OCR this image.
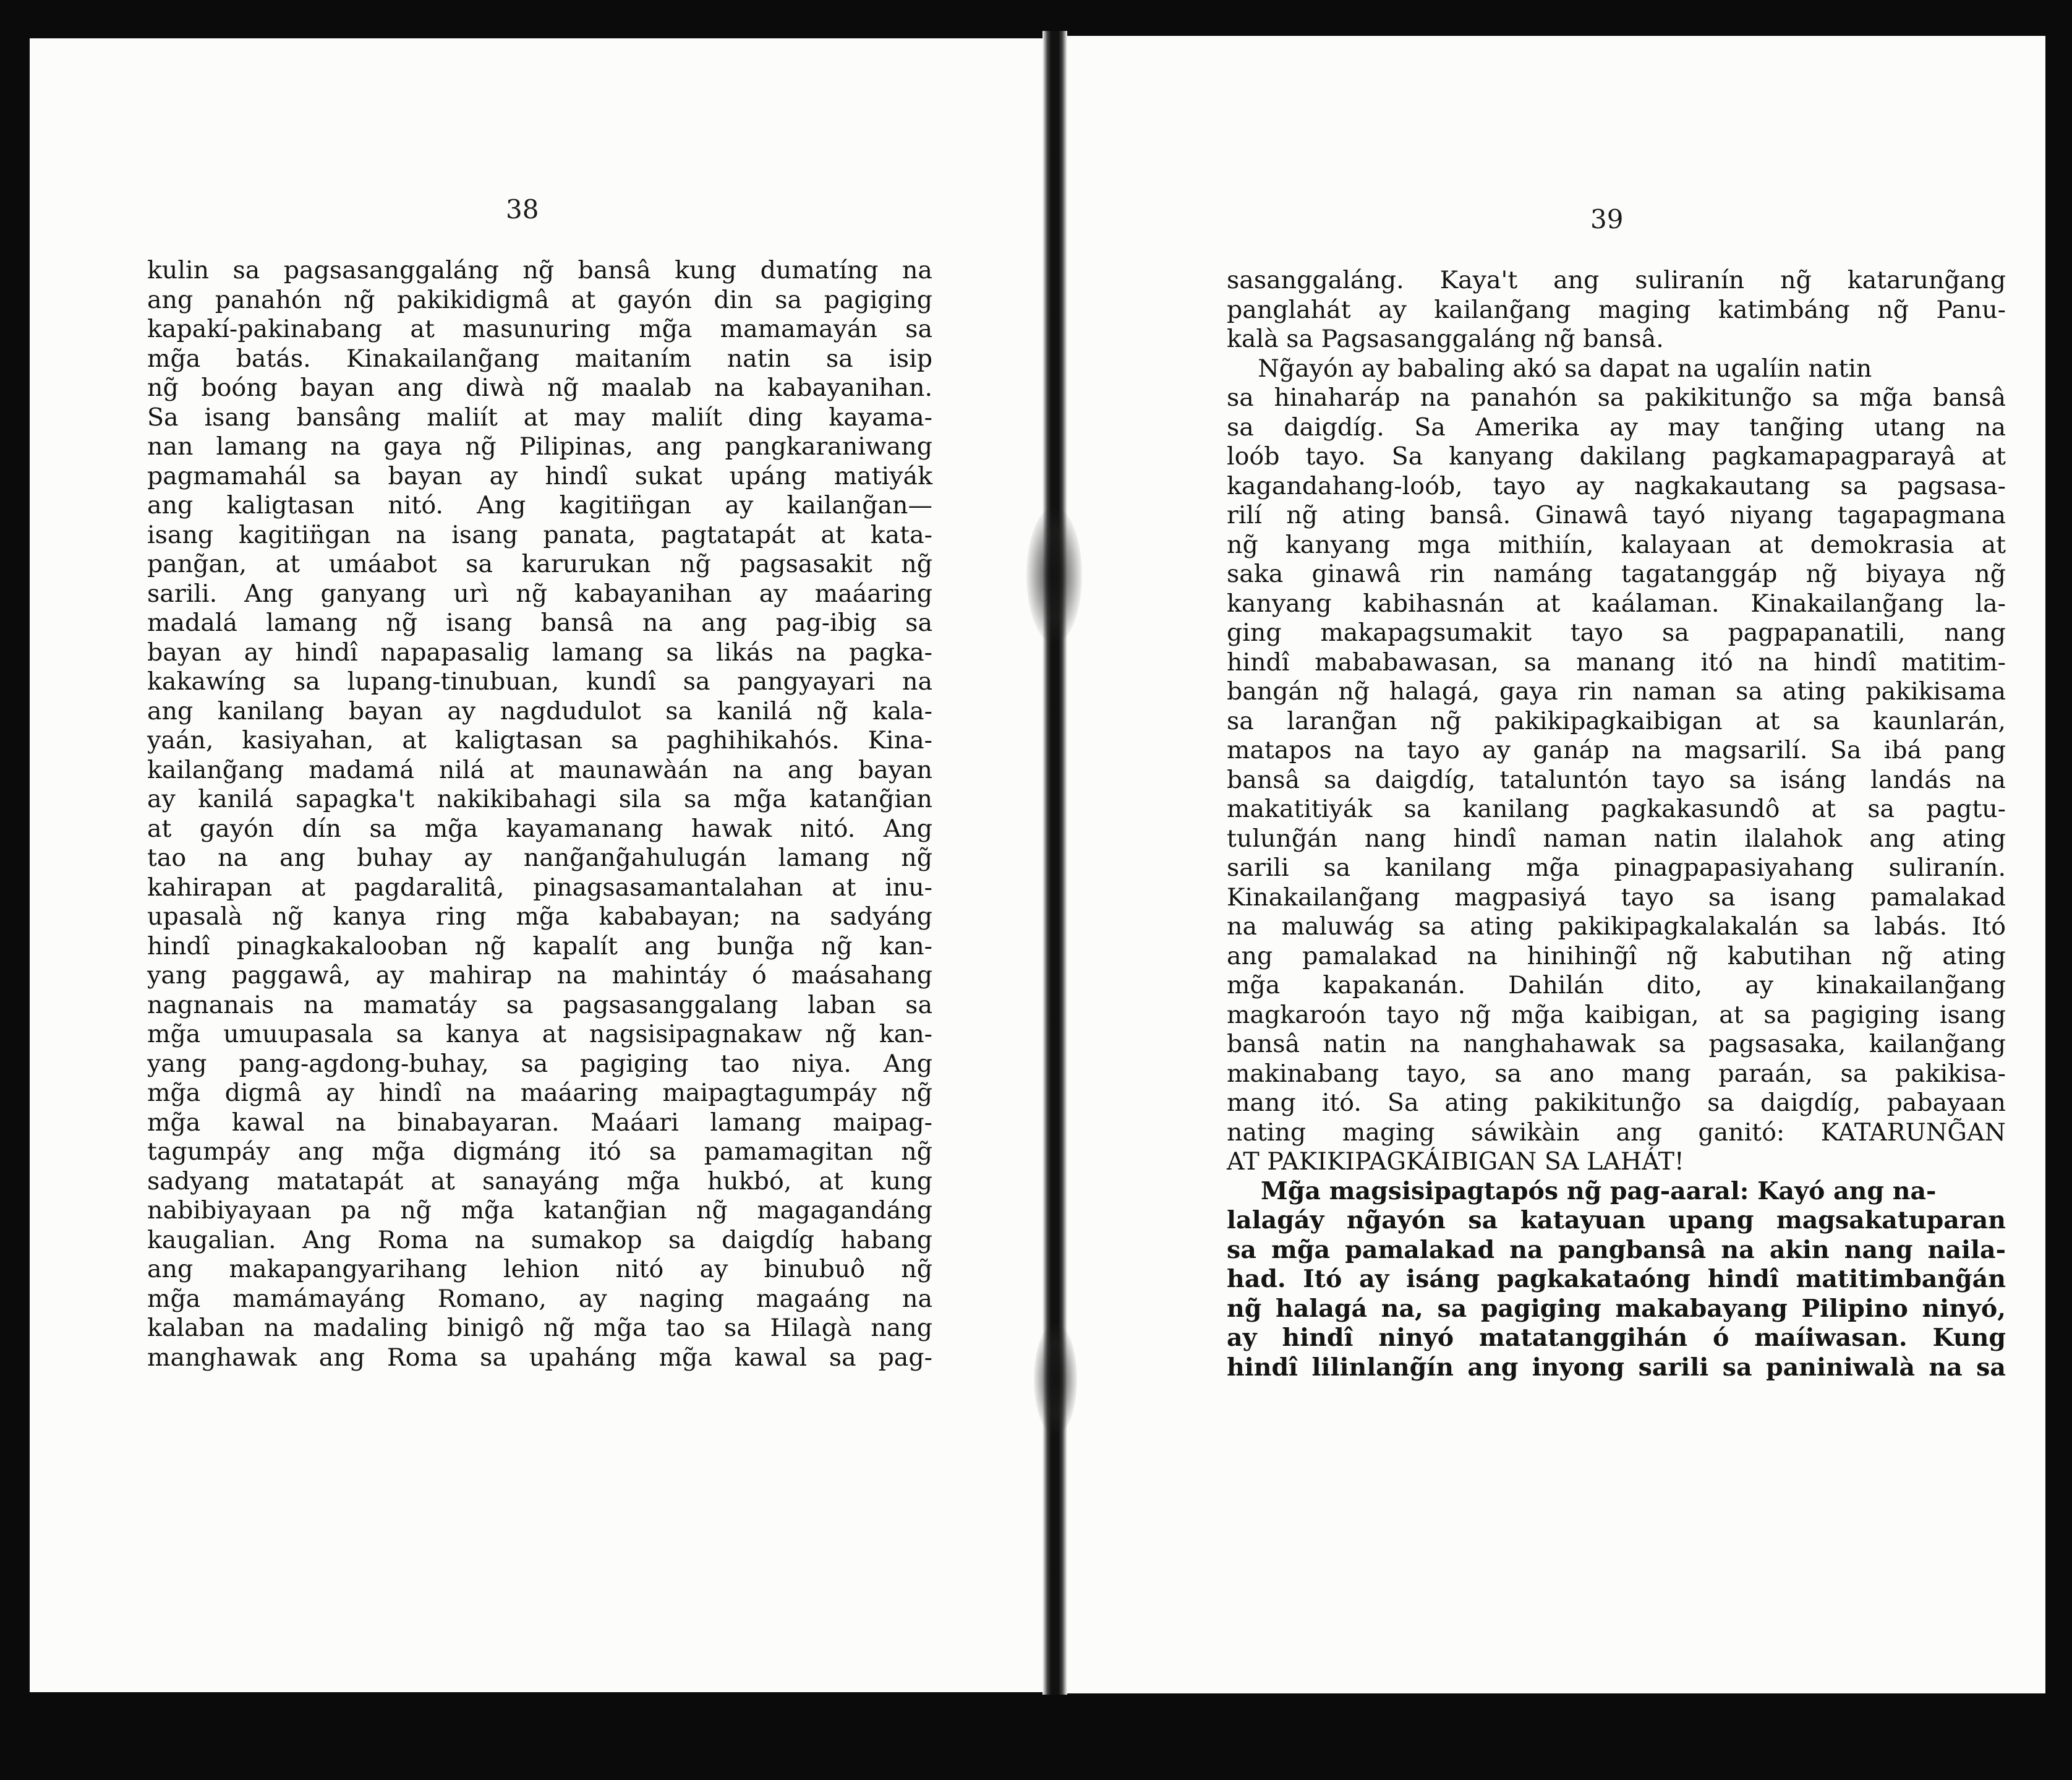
38
kulin sa pagsasanggaláng ng̃ bansâ kung dumatíng na
ang panahón ng̃ pakikidigmâ at gayón din sa pagiging
kapakí-pakinabang at masunuring mg̃a mamamayán sa
mg̃a batás. Kinakailang̃ang maitaním natin sa isip
ng̃ boóng bayan ang diwà ng̃ maalab na kabayanihan.
Sa isang bansâng maliít at may maliít ding kayama-
nan lamang na gaya ng̃ Pilipinas, ang pangkaraniwang
pagmamahál sa bayan ay hindî sukat upáng matiyák
ang kaligtasan nitó. Ang kagitin̈gan ay kailang̃an—
isang kagitin̈gan na isang panata, pagtatapát at kata-
pang̃an, at umáabot sa karurukan ng̃ pagsasakit ng̃
sarili. Ang ganyang urì ng̃ kabayanihan ay maáaring
madalá lamang ng̃ isang bansâ na ang pag-ibig sa
bayan ay hindî napapasalig lamang sa likás na pagka-
kakawíng sa lupang-tinubuan, kundî sa pangyayari na
ang kanilang bayan ay nagdudulot sa kanilá ng̃ kala-
yaán, kasiyahan, at kaligtasan sa paghihikahós. Kina-
kailang̃ang madamá nilá at maunawàán na ang bayan
ay kanilá sapagka't nakikibahagi sila sa mg̃a katang̃ian
at gayón dín sa mg̃a kayamanang hawak nitó. Ang
tao na ang buhay ay nang̃ang̃ahulugán lamang ng̃
kahirapan at pagdaralitâ, pinagsasamantalahan at inu-
upasalà ng̃ kanya ring mg̃a kababayan; na sadyáng
hindî pinagkakalooban ng̃ kapalít ang bung̃a ng̃ kan-
yang paggawâ, ay mahirap na mahintáy ó maásahang
nagnanais na mamatáy sa pagsasanggalang laban sa
mg̃a umuupasala sa kanya at nagsisipagnakaw ng̃ kan-
yang pang-agdong-buhay, sa pagiging tao niya. Ang
mg̃a digmâ ay hindî na maáaring maipagtagumpáy ng̃
mg̃a kawal na binabayaran. Maáari lamang maipag-
tagumpáy ang mg̃a digmáng itó sa pamamagitan ng̃
sadyang matatapát at sanayáng mg̃a hukbó, at kung
nabibiyayaan pa ng̃ mg̃a katang̃ian ng̃ magagandáng
kaugalian. Ang Roma na sumakop sa daigdíg habang
ang makapangyarihang lehion nitó ay binubuô ng̃
mg̃a mamámayáng Romano, ay naging magaáng na
kalaban na madaling binigô ng̃ mg̃a tao sa Hilagà nang
manghawak ang Roma sa upaháng mg̃a kawal sa pag-
39
sasanggaláng. Kaya't ang suliranín ng̃ katarung̃ang
panglahát ay kailang̃ang maging katimbáng ng̃ Panu-
kalà sa Pagsasanggaláng ng̃ bansâ.
Ng̃ayón ay babaling akó sa dapat na ugalíin natin
sa hinaharáp na panahón sa pakikitung̃o sa mg̃a bansâ
sa daigdíg. Sa Amerika ay may tang̃ing utang na
loób tayo. Sa kanyang dakilang pagkamapagparayâ at
kagandahang-loób, tayo ay nagkakautang sa pagsasa-
rilí ng̃ ating bansâ. Ginawâ tayó niyang tagapagmana
ng̃ kanyang mga mithiín, kalayaan at demokrasia at
saka ginawâ rin namáng tagatanggáp ng̃ biyaya ng̃
kanyang kabihasnán at kaálaman. Kinakailang̃ang la-
ging makapagsumakit tayo sa pagpapanatili, nang
hindî mababawasan, sa manang itó na hindî matitim-
bangán ng̃ halagá, gaya rin naman sa ating pakikisama
sa larang̃an ng̃ pakikipagkaibigan at sa kaunlarán,
matapos na tayo ay ganáp na magsarilí. Sa ibá pang
bansâ sa daigdíg, tataluntón tayo sa isáng landás na
makatitiyák sa kanilang pagkakasundô at sa pagtu-
tulung̃án nang hindî naman natin ilalahok ang ating
sarili sa kanilang mg̃a pinagpapasiyahang suliranín.
Kinakailang̃ang magpasiyá tayo sa isang pamalakad
na maluwág sa ating pakikipagkalakalán sa labás. Itó
ang pamalakad na hinihing̃î ng̃ kabutihan ng̃ ating
mg̃a kapakanán. Dahilán dito, ay kinakailang̃ang
magkaroón tayo ng̃ mg̃a kaibigan, at sa pagiging isang
bansâ natin na nanghahawak sa pagsasaka, kailang̃ang
makinabang tayo, sa ano mang paraán, sa pakikisa-
mang itó. Sa ating pakikitung̃o sa daigdíg, pabayaan
nating maging sáwikàin ang ganitó: KATARUNG̃AN
AT PAKIKIPAGKÁIBIGAN SA LAHÁT!
Mg̃a magsisipagtapós ng̃ pag-aaral: Kayó ang na-
lalagáy ng̃ayón sa katayuan upang magsakatuparan
sa mg̃a pamalakad na pangbansâ na akin nang naila-
had. Itó ay isáng pagkakataóng hindî matitimbang̃án
ng̃ halagá na, sa pagiging makabayang Pilipino ninyó,
ay hindî ninyó matatanggihán ó maíiwasan. Kung
hindî lilinlang̃ín ang inyong sarili sa paniniwalà na sa
